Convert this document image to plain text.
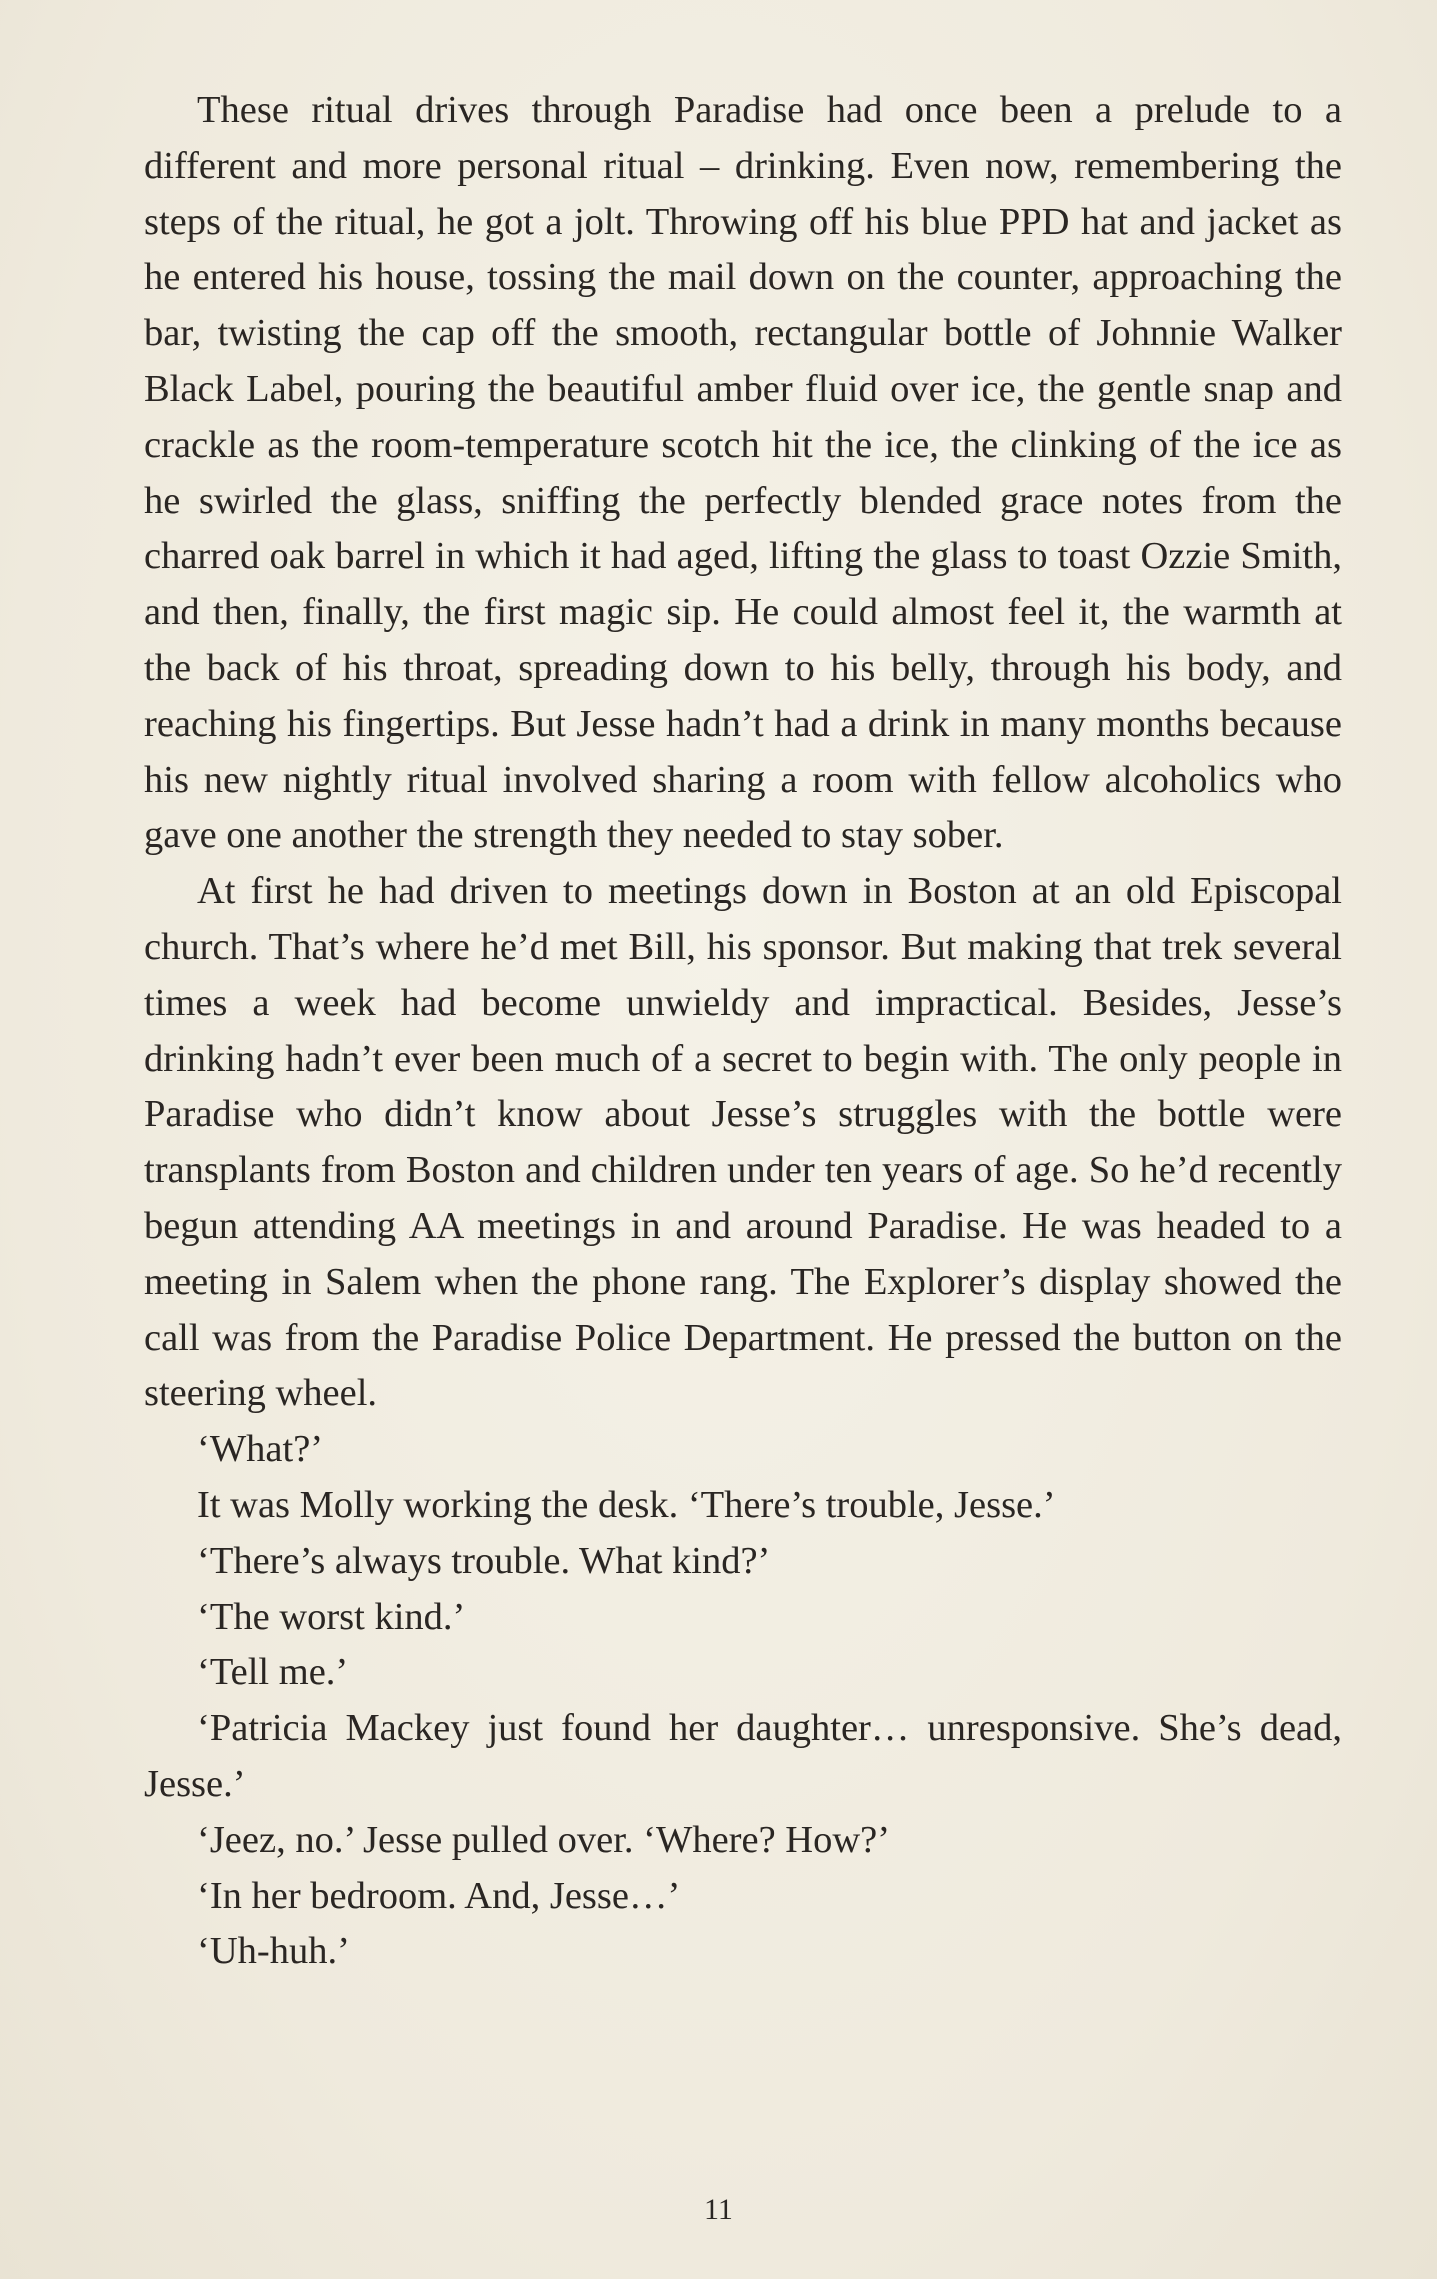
These ritual drives through Paradise had once been a prelude to a different and more personal ritual – drinking. Even now, remembering the steps of the ritual, he got a jolt. Throwing off his blue PPD hat and jacket as he entered his house, tossing the mail down on the counter, approaching the bar, twisting the cap off the smooth, rectangular bottle of Johnnie Walker Black Label, pouring the beautiful amber fluid over ice, the gentle snap and crackle as the room-temperature scotch hit the ice, the clinking of the ice as he swirled the glass, sniffing the perfectly blended grace notes from the charred oak barrel in which it had aged, lifting the glass to toast Ozzie Smith, and then, finally, the first magic sip. He could almost feel it, the warmth at the back of his throat, spreading down to his belly, through his body, and reaching his fingertips. But Jesse hadn’t had a drink in many months because his new nightly ritual involved sharing a room with fellow alcoholics who gave one another the strength they needed to stay sober.

At first he had driven to meetings down in Boston at an old Episcopal church. That’s where he’d met Bill, his sponsor. But making that trek several times a week had become unwieldy and impractical. Besides, Jesse’s drinking hadn’t ever been much of a secret to begin with. The only people in Paradise who didn’t know about Jesse’s struggles with the bottle were transplants from Boston and children under ten years of age. So he’d recently begun attending AA meetings in and around Paradise. He was headed to a meeting in Salem when the phone rang. The Explorer’s display showed the call was from the Paradise Police Department. He pressed the button on the steering wheel.

‘What?’

It was Molly working the desk. ‘There’s trouble, Jesse.’

‘There’s always trouble. What kind?’

‘The worst kind.’

‘Tell me.’

‘Patricia Mackey just found her daughter… unresponsive. She’s dead, Jesse.’

‘Jeez, no.’ Jesse pulled over. ‘Where? How?’

‘In her bedroom. And, Jesse…’

‘Uh-huh.’

11
